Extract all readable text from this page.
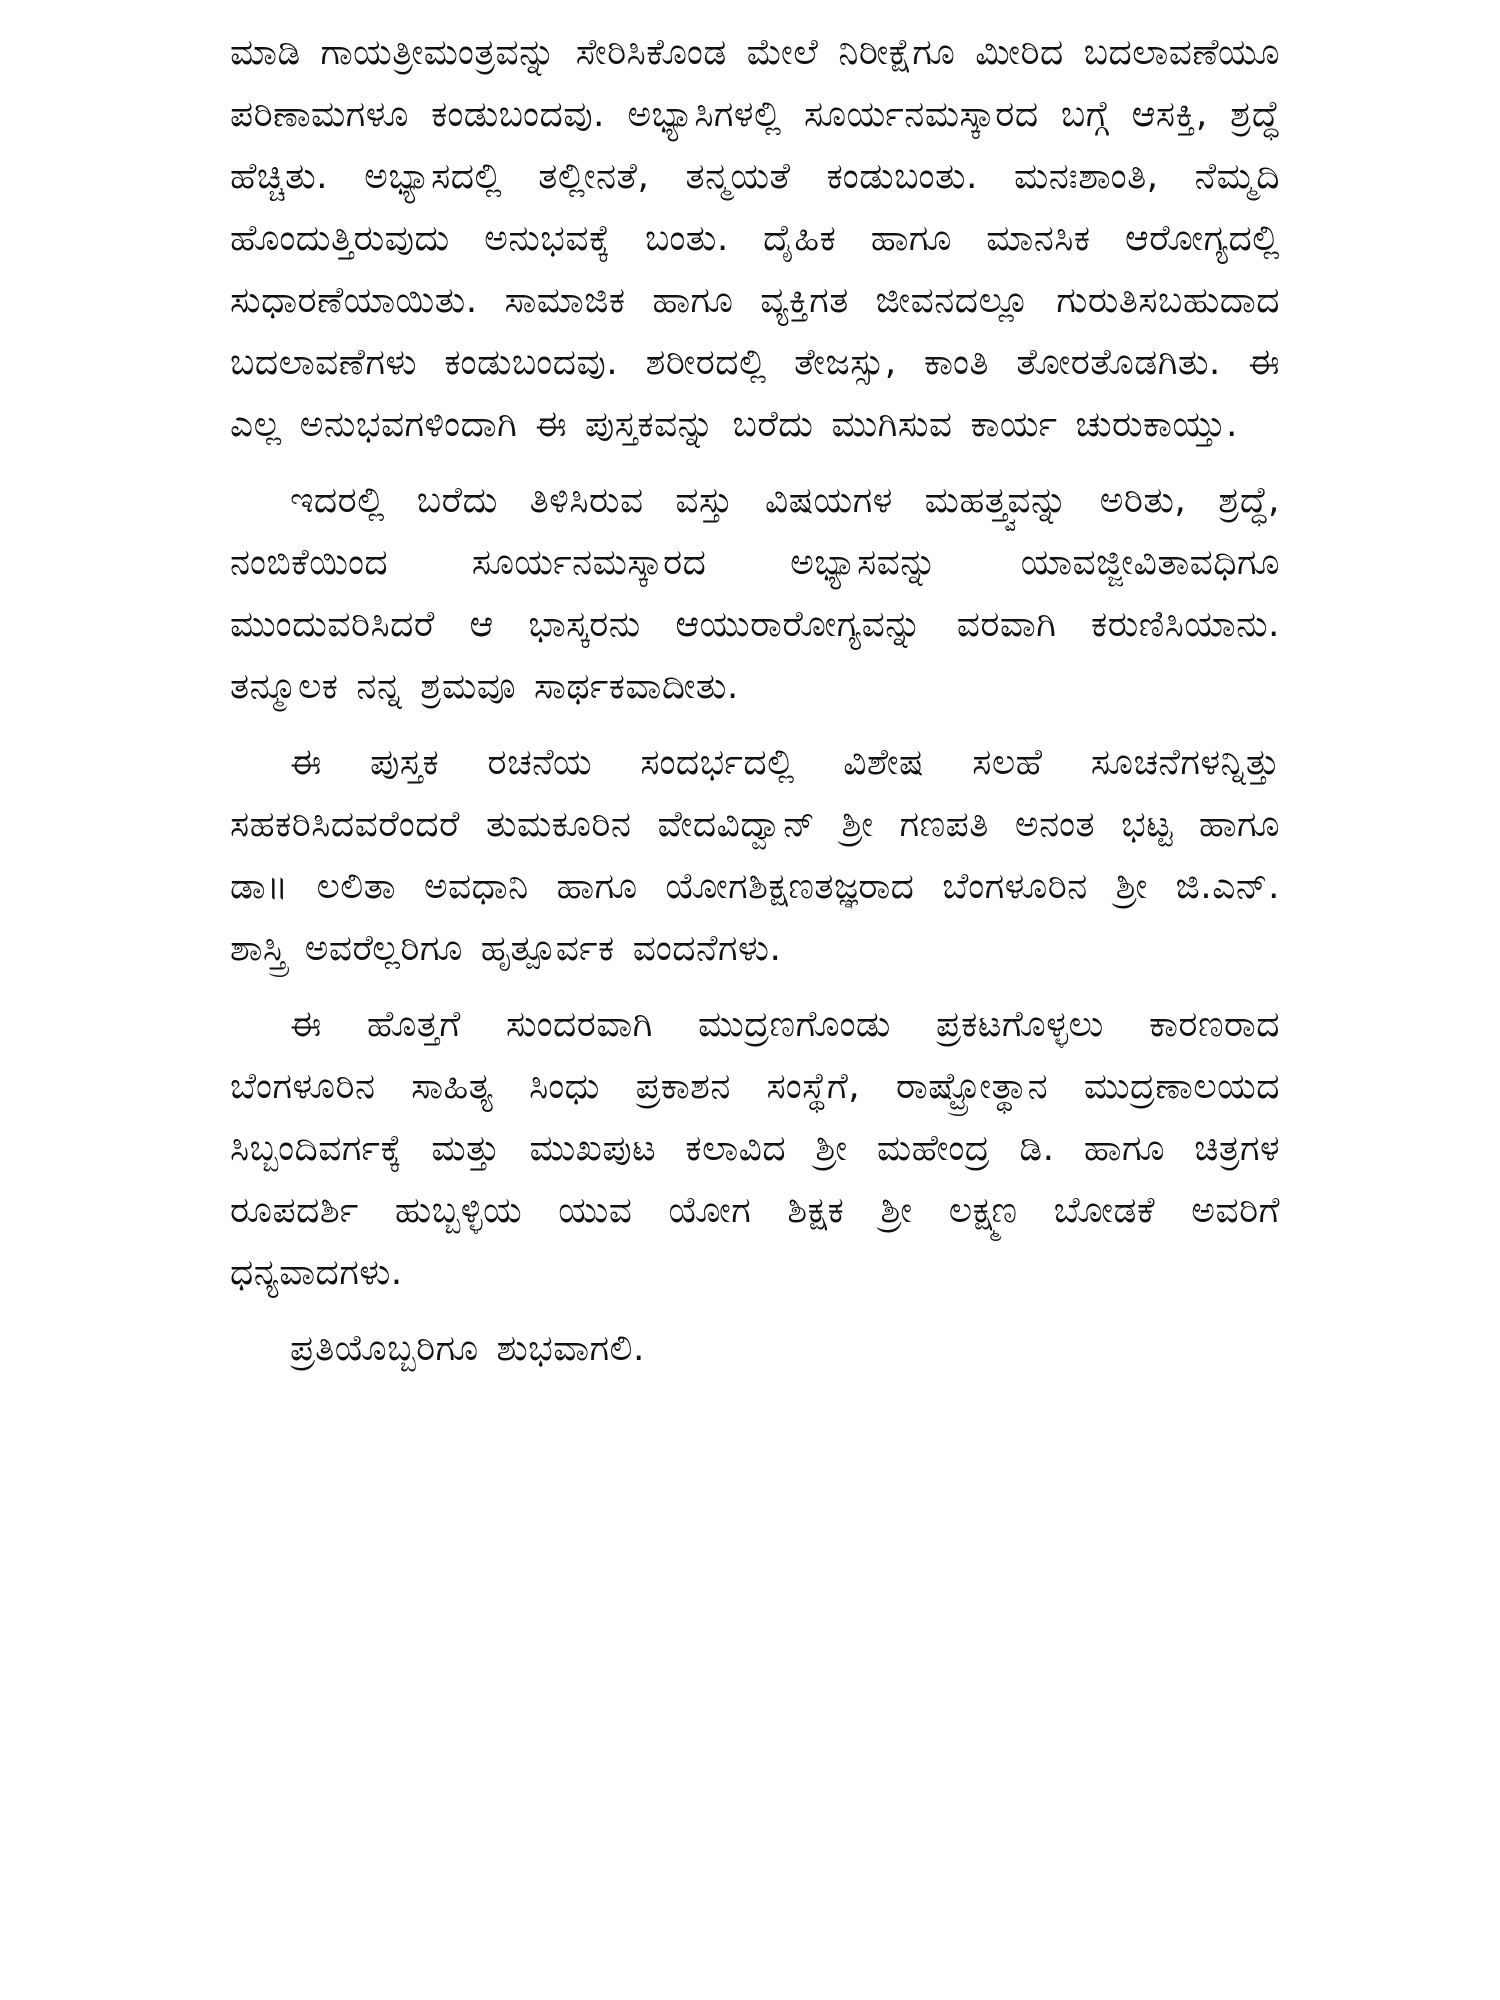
ಮಾಡಿ ಗಾಯತ್ರೀಮಂತ್ರವನ್ನು ಸೇರಿಸಿಕೊಂಡ ಮೇಲೆ ನಿರೀಕ್ಷೆಗೂ ಮೀರಿದ ಬದಲಾವಣೆಯೂ ಪರಿಣಾಮಗಳೂ ಕಂಡುಬಂದವು. ಅಭ್ಯಾಸಿಗಳಲ್ಲಿ ಸೂರ್ಯನಮಸ್ಕಾರದ ಬಗ್ಗೆ ಆಸಕ್ತಿ, ಶ್ರದ್ಧೆ ಹೆಚ್ಚಿತು. ಅಭ್ಯಾಸದಲ್ಲಿ ತಲ್ಲೀನತೆ, ತನ್ಮಯತೆ ಕಂಡುಬಂತು. ಮನಃಶಾಂತಿ, ನೆಮ್ಮದಿ ಹೊಂದುತ್ತಿರುವುದು ಅನುಭವಕ್ಕೆ ಬಂತು. ದೈಹಿಕ ಹಾಗೂ ಮಾನಸಿಕ ಆರೋಗ್ಯದಲ್ಲಿ ಸುಧಾರಣೆಯಾಯಿತು. ಸಾಮಾಜಿಕ ಹಾಗೂ ವ್ಯಕ್ತಿಗತ ಜೀವನದಲ್ಲೂ ಗುರುತಿಸಬಹುದಾದ ಬದಲಾವಣೆಗಳು ಕಂಡುಬಂದವು. ಶರೀರದಲ್ಲಿ ತೇಜಸ್ಸು, ಕಾಂತಿ ತೋರತೊಡಗಿತು. ಈ ಎಲ್ಲ ಅನುಭವಗಳಿಂದಾಗಿ ಈ ಪುಸ್ತಕವನ್ನು ಬರೆದು ಮುಗಿಸುವ ಕಾರ್ಯ ಚುರುಕಾಯ್ತು.

ಇದರಲ್ಲಿ ಬರೆದು ತಿಳಿಸಿರುವ ವಸ್ತು ವಿಷಯಗಳ ಮಹತ್ತ್ವವನ್ನು ಅರಿತು, ಶ್ರದ್ಧೆ, ನಂಬಿಕೆಯಿಂದ ಸೂರ್ಯನಮಸ್ಕಾರದ ಅಭ್ಯಾಸವನ್ನು ಯಾವಜ್ಜೀವಿತಾವಧಿಗೂ ಮುಂದುವರಿಸಿದರೆ ಆ ಭಾಸ್ಕರನು ಆಯುರಾರೋಗ್ಯವನ್ನು ವರವಾಗಿ ಕರುಣಿಸಿಯಾನು. ತನ್ಮೂಲಕ ನನ್ನ ಶ್ರಮವೂ ಸಾರ್ಥಕವಾದೀತು.

ಈ ಪುಸ್ತಕ ರಚನೆಯ ಸಂದರ್ಭದಲ್ಲಿ ವಿಶೇಷ ಸಲಹೆ ಸೂಚನೆಗಳನ್ನಿತ್ತು ಸಹಕರಿಸಿದವರೆಂದರೆ ತುಮಕೂರಿನ ವೇದವಿದ್ವಾನ್ ಶ್ರೀ ಗಣಪತಿ ಅನಂತ ಭಟ್ಟ ಹಾಗೂ ಡಾ॥ ಲಲಿತಾ ಅವಧಾನಿ ಹಾಗೂ ಯೋಗಶಿಕ್ಷಣತಜ್ಞರಾದ ಬೆಂಗಳೂರಿನ ಶ್ರೀ ಜಿ.ಎನ್. ಶಾಸ್ತ್ರಿ ಅವರೆಲ್ಲರಿಗೂ ಹೃತ್ಪೂರ್ವಕ ವಂದನೆಗಳು.

ಈ ಹೊತ್ತಗೆ ಸುಂದರವಾಗಿ ಮುದ್ರಣಗೊಂಡು ಪ್ರಕಟಗೊಳ್ಳಲು ಕಾರಣರಾದ ಬೆಂಗಳೂರಿನ ಸಾಹಿತ್ಯ ಸಿಂಧು ಪ್ರಕಾಶನ ಸಂಸ್ಥೆಗೆ, ರಾಷ್ಟ್ರೋತ್ಥಾನ ಮುದ್ರಣಾಲಯದ ಸಿಬ್ಬಂದಿವರ್ಗಕ್ಕೆ ಮತ್ತು ಮುಖಪುಟ ಕಲಾವಿದ ಶ್ರೀ ಮಹೇಂದ್ರ ಡಿ. ಹಾಗೂ ಚಿತ್ರಗಳ ರೂಪದರ್ಶಿ ಹುಬ್ಬಳ್ಳಿಯ ಯುವ ಯೋಗ ಶಿಕ್ಷಕ ಶ್ರೀ ಲಕ್ಷ್ಮಣ ಬೋಡಕೆ ಅವರಿಗೆ ಧನ್ಯವಾದಗಳು.

ಪ್ರತಿಯೊಬ್ಬರಿಗೂ ಶುಭವಾಗಲಿ.
